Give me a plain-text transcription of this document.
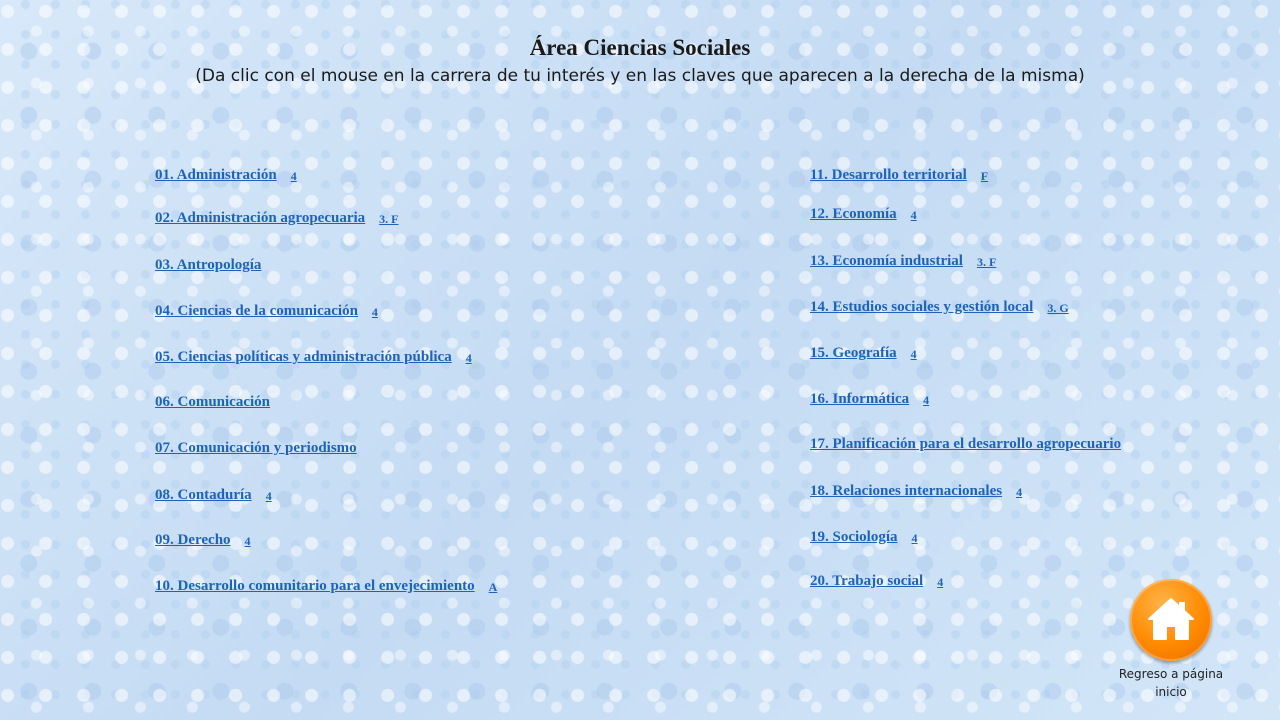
Área Ciencias Sociales
(Da clic con el mouse en la carrera de tu interés y en las claves que aparecen a la derecha de la misma)
01. Administración 4
02. Administración agropecuaria 3. F
03. Antropología
04. Ciencias de la comunicación 4
05. Ciencias políticas y administración pública 4
06. Comunicación
07. Comunicación y periodismo
08. Contaduría 4
09. Derecho 4
10. Desarrollo comunitario para el envejecimiento A
11. Desarrollo territorial F
12. Economía 4
13. Economía industrial 3. F
14. Estudios sociales y gestión local 3. G
15. Geografía 4
16. Informática 4
17. Planificación para el desarrollo agropecuario
18. Relaciones internacionales 4
19. Sociología 4
20. Trabajo social 4
Regreso a página
inicio
